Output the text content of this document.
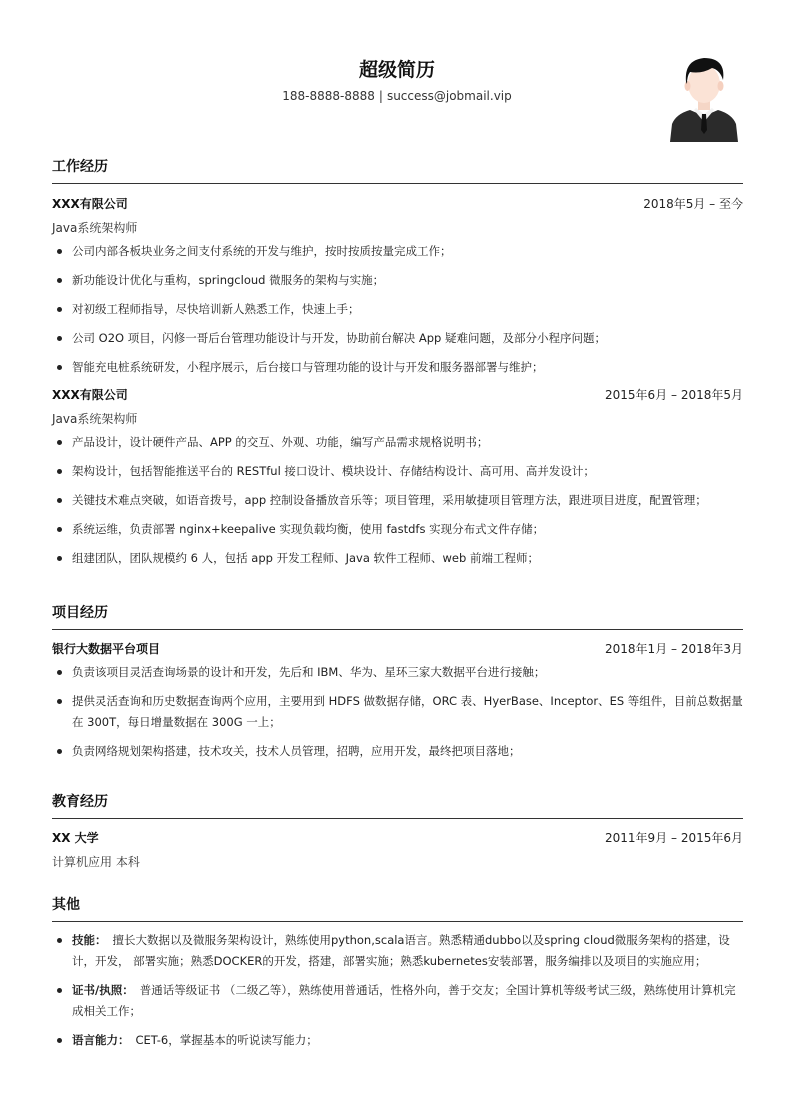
超级简历
188-8888-8888 | success@jobmail.vip
工作经历
XXX有限公司	2018年5月 – 至今
Java系统架构师
公司内部各板块业务之间支付系统的开发与维护，按时按质按量完成工作；
新功能设计优化与重构，springcloud 微服务的架构与实施；
对初级工程师指导，尽快培训新人熟悉工作，快速上手；
公司 O2O 项目，闪修一哥后台管理功能设计与开发，协助前台解决 App 疑难问题，及部分小程序问题；
智能充电桩系统研发，小程序展示，后台接口与管理功能的设计与开发和服务器部署与维护；
XXX有限公司	2015年6月 – 2018年5月
Java系统架构师
产品设计，设计硬件产品、APP 的交互、外观、功能，编写产品需求规格说明书；
架构设计，包括智能推送平台的 RESTful 接口设计、模块设计、存储结构设计、高可用、高并发设计；
关键技术难点突破，如语音拨号，app 控制设备播放音乐等；项目管理，采用敏捷项目管理方法，跟进项目进度，配置管理；
系统运维，负责部署 nginx+keepalive 实现负载均衡，使用 fastdfs 实现分布式文件存储；
组建团队，团队规模约 6 人，包括 app 开发工程师、Java 软件工程师、web 前端工程师；
项目经历
银行大数据平台项目	2018年1月 – 2018年3月
负责该项目灵活查询场景的设计和开发，先后和 IBM、华为、星环三家大数据平台进行接触；
提供灵活查询和历史数据查询两个应用，主要用到 HDFS 做数据存储，ORC 表、HyerBase、Inceptor、ES 等组件，目前总数据量在 300T，每日增量数据在 300G 一上；
负责网络规划架构搭建，技术攻关，技术人员管理，招聘，应用开发，最终把项目落地；
教育经历
XX 大学	2011年9月 – 2015年6月
计算机应用 本科
其他
技能： 擅长大数据以及微服务架构设计，熟练使用python,scala语言。熟悉精通dubbo以及spring cloud微服务架构的搭建，设计，开发， 部署实施；熟悉DOCKER的开发，搭建，部署实施；熟悉kubernetes安装部署，服务编排以及项目的实施应用；
证书/执照： 普通话等级证书 （二级乙等），熟练使用普通话，性格外向，善于交友；全国计算机等级考试三级，熟练使用计算机完成相关工作；
语言能力： CET-6，掌握基本的听说读写能力；
